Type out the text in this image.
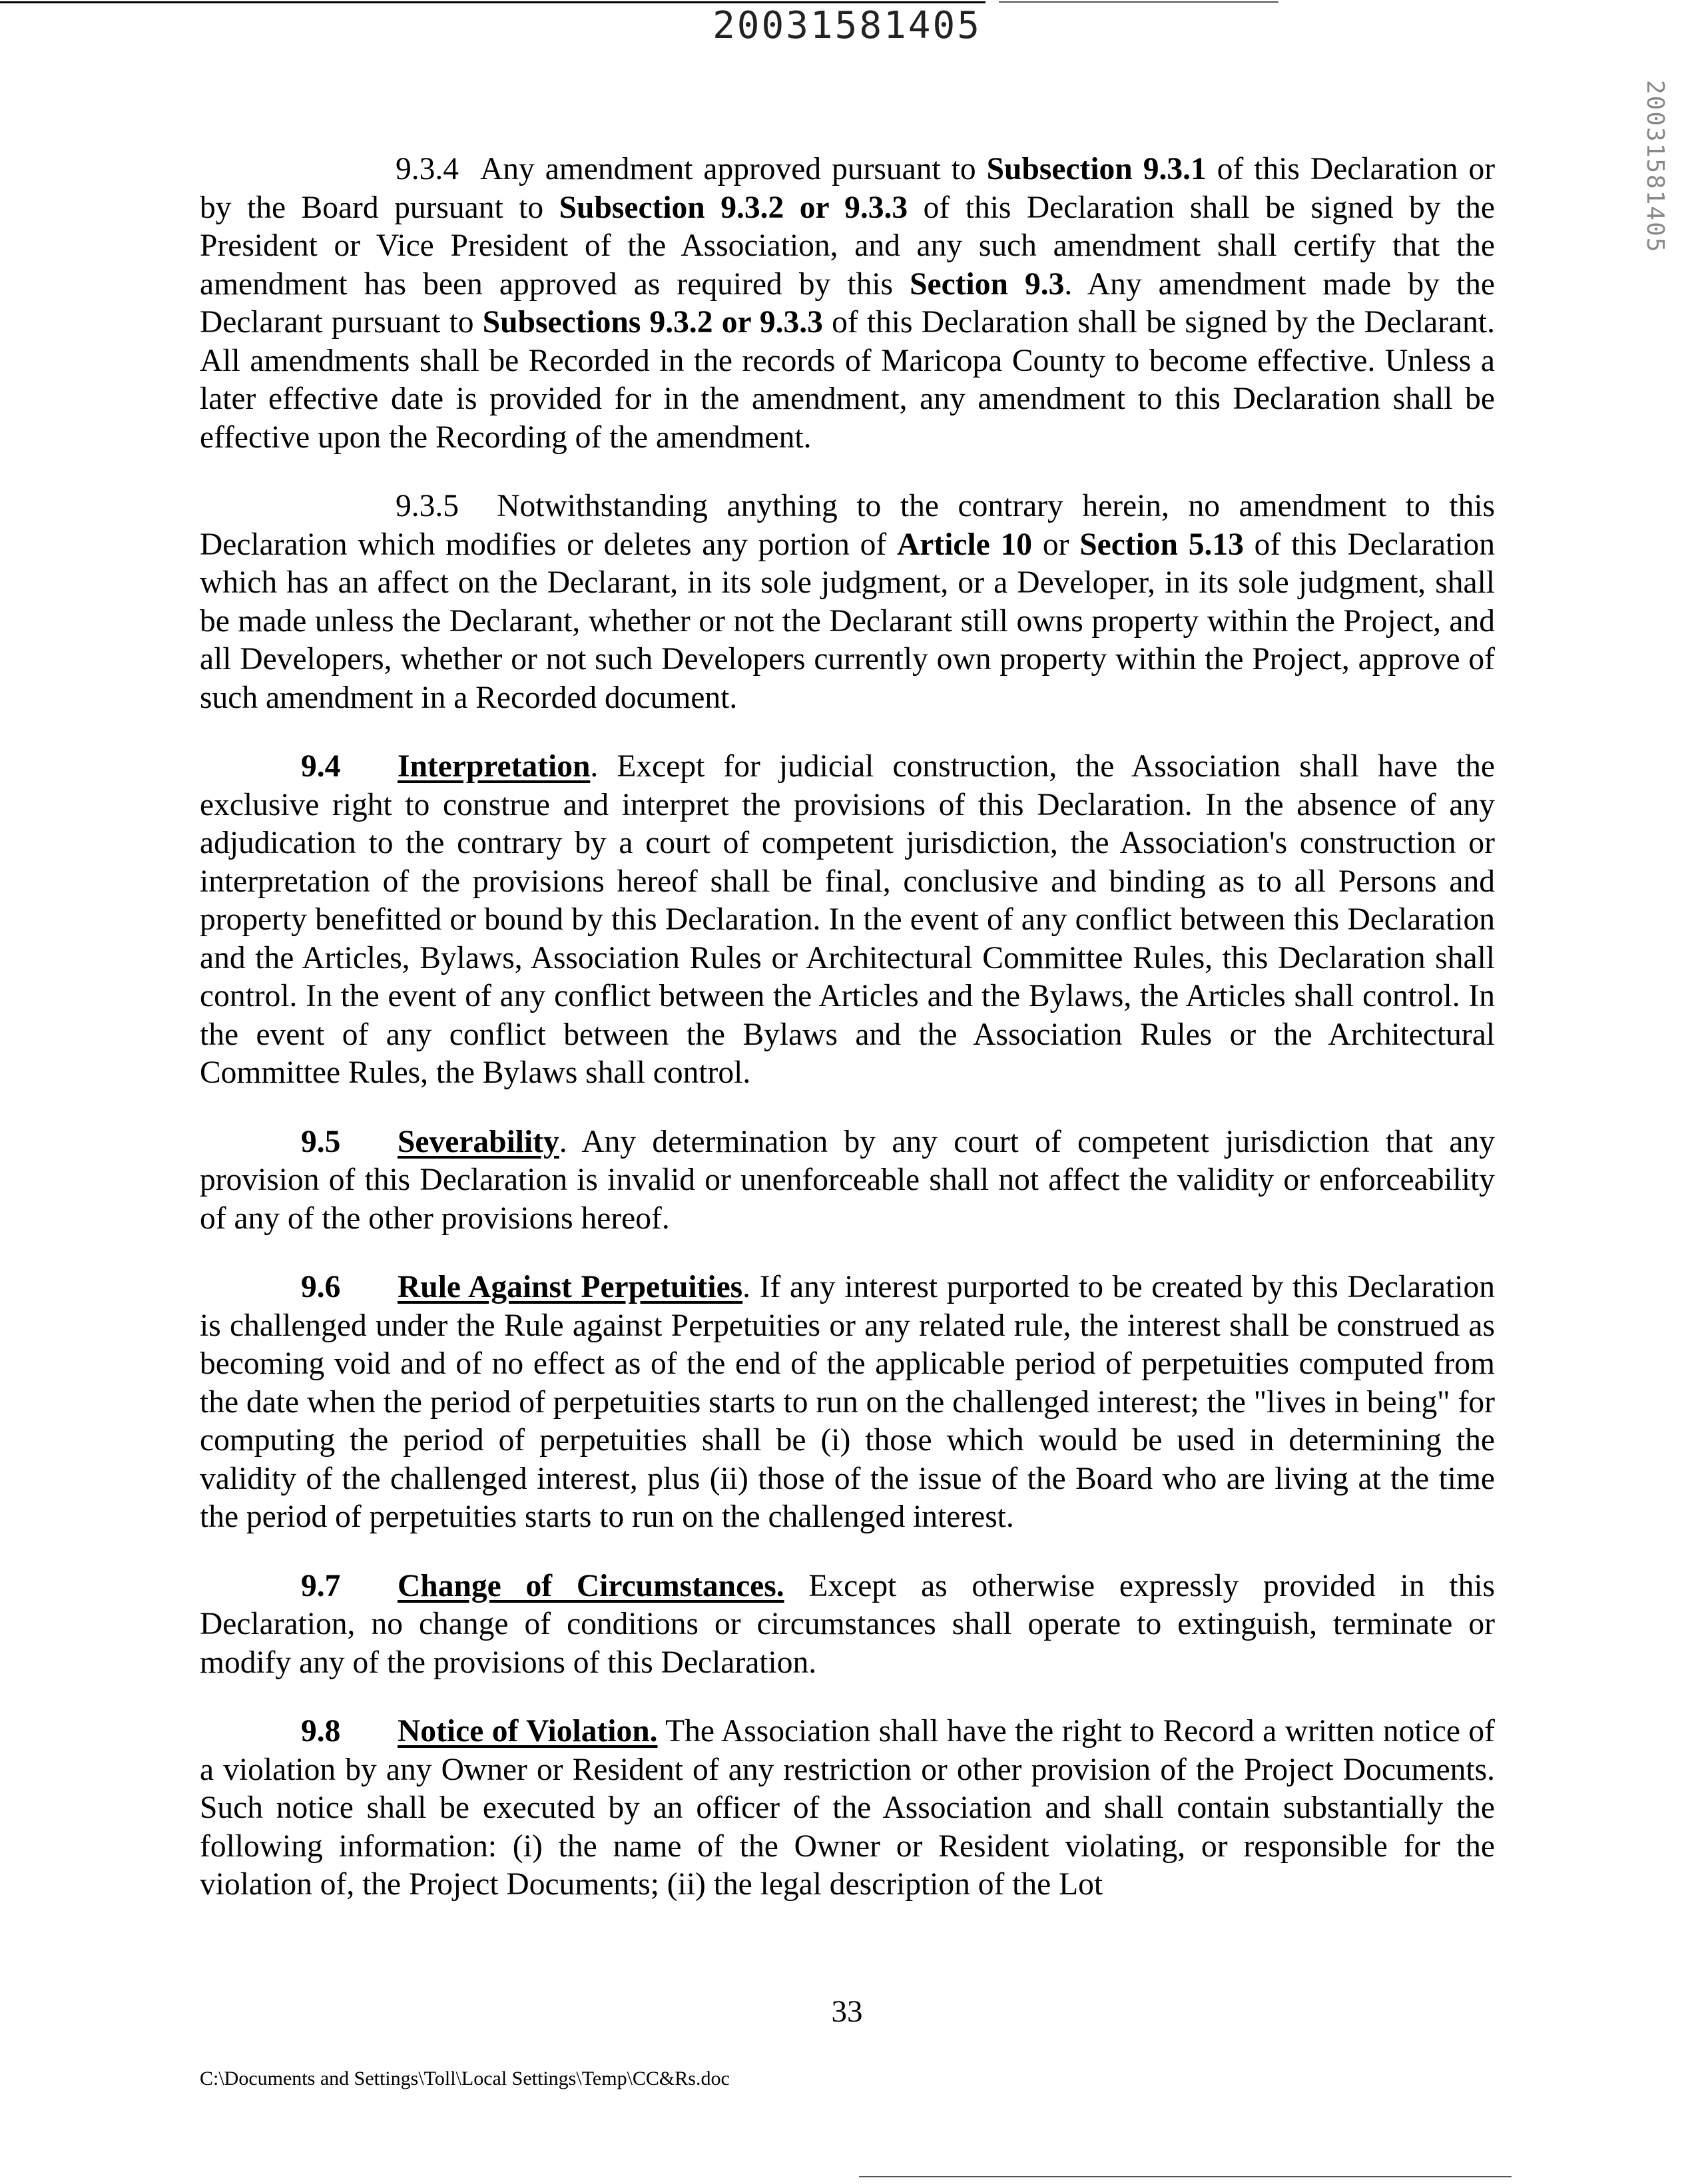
20031581405
20031581405

9.3.4 Any amendment approved pursuant to Subsection 9.3.1 of this Declaration or by the Board pursuant to Subsection 9.3.2 or 9.3.3 of this Declaration shall be signed by the President or Vice President of the Association, and any such amendment shall certify that the amendment has been approved as required by this Section 9.3. Any amendment made by the Declarant pursuant to Subsections 9.3.2 or 9.3.3 of this Declaration shall be signed by the Declarant. All amendments shall be Recorded in the records of Maricopa County to become effective. Unless a later effective date is provided for in the amendment, any amendment to this Declaration shall be effective upon the Recording of the amendment.

9.3.5 Notwithstanding anything to the contrary herein, no amendment to this Declaration which modifies or deletes any portion of Article 10 or Section 5.13 of this Declaration which has an affect on the Declarant, in its sole judgment, or a Developer, in its sole judgment, shall be made unless the Declarant, whether or not the Declarant still owns property within the Project, and all Developers, whether or not such Developers currently own property within the Project, approve of such amendment in a Recorded document.

9.4 Interpretation. Except for judicial construction, the Association shall have the exclusive right to construe and interpret the provisions of this Declaration. In the absence of any adjudication to the contrary by a court of competent jurisdiction, the Association's construction or interpretation of the provisions hereof shall be final, conclusive and binding as to all Persons and property benefitted or bound by this Declaration. In the event of any conflict between this Declaration and the Articles, Bylaws, Association Rules or Architectural Committee Rules, this Declaration shall control. In the event of any conflict between the Articles and the Bylaws, the Articles shall control. In the event of any conflict between the Bylaws and the Association Rules or the Architectural Committee Rules, the Bylaws shall control.

9.5 Severability. Any determination by any court of competent jurisdiction that any provision of this Declaration is invalid or unenforceable shall not affect the validity or enforceability of any of the other provisions hereof.

9.6 Rule Against Perpetuities. If any interest purported to be created by this Declaration is challenged under the Rule against Perpetuities or any related rule, the interest shall be construed as becoming void and of no effect as of the end of the applicable period of perpetuities computed from the date when the period of perpetuities starts to run on the challenged interest; the "lives in being" for computing the period of perpetuities shall be (i) those which would be used in determining the validity of the challenged interest, plus (ii) those of the issue of the Board who are living at the time the period of perpetuities starts to run on the challenged interest.

9.7 Change of Circumstances. Except as otherwise expressly provided in this Declaration, no change of conditions or circumstances shall operate to extinguish, terminate or modify any of the provisions of this Declaration.

9.8 Notice of Violation. The Association shall have the right to Record a written notice of a violation by any Owner or Resident of any restriction or other provision of the Project Documents. Such notice shall be executed by an officer of the Association and shall contain substantially the following information: (i) the name of the Owner or Resident violating, or responsible for the violation of, the Project Documents; (ii) the legal description of the Lot

33
C:\Documents and Settings\Toll\Local Settings\Temp\CC&Rs.doc
